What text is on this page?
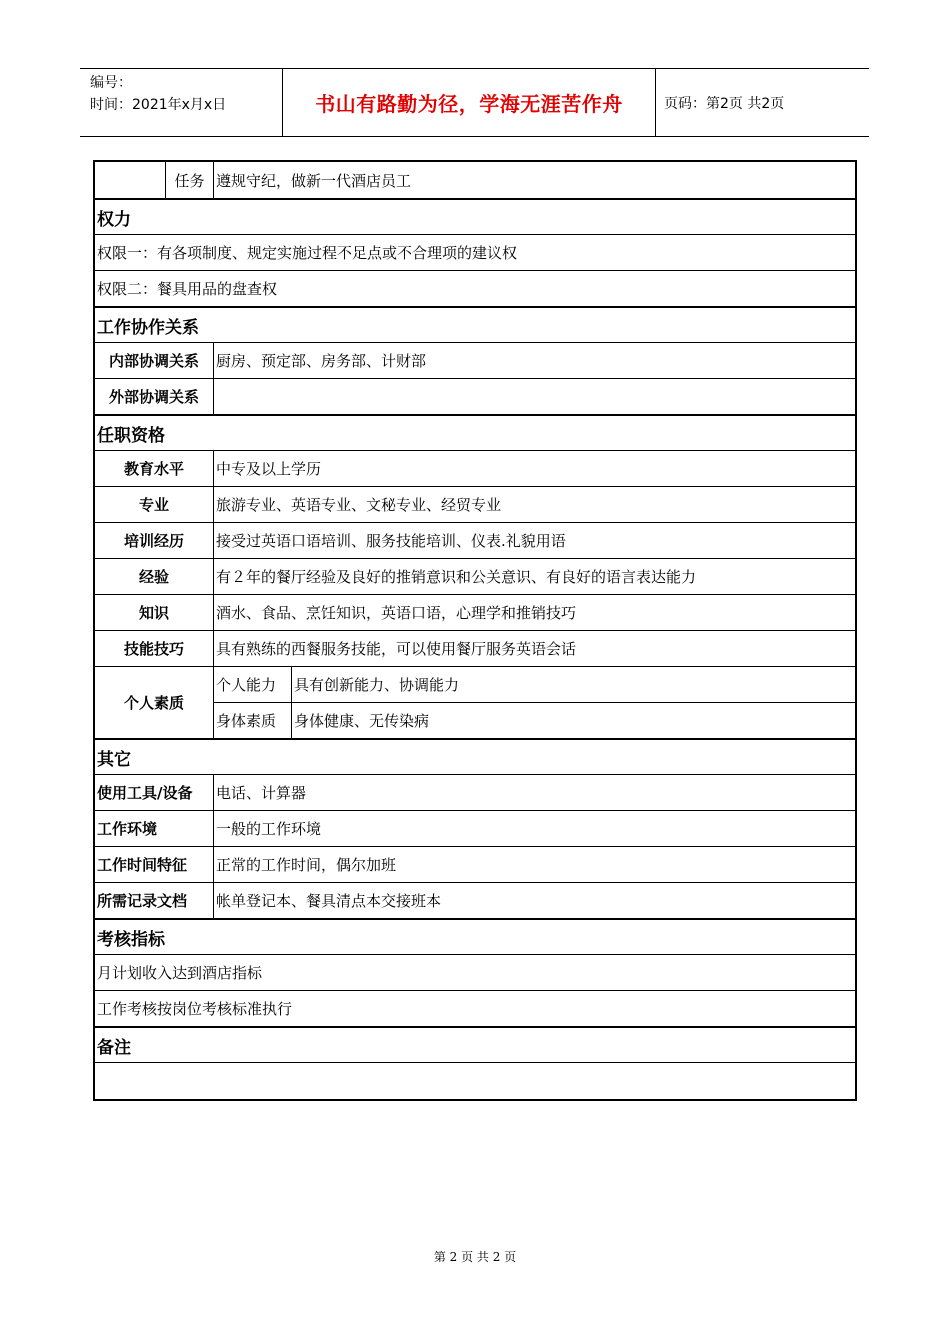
编号：
时间：2021年x月x日	书山有路勤为径，学海无涯苦作舟	页码：第2页 共2页
任务 遵规守纪，做新一代酒店员工
权力
权限一：有各项制度、规定实施过程不足点或不合理项的建议权
权限二：餐具用品的盘查权
工作协作关系
内部协调关系	厨房、预定部、房务部、计财部
外部协调关系
任职资格
教育水平	中专及以上学历
专业	旅游专业、英语专业、文秘专业、经贸专业
培训经历	接受过英语口语培训、服务技能培训、仪表.礼貌用语
经验	有２年的餐厅经验及良好的推销意识和公关意识、有良好的语言表达能力
知识	酒水、食品、烹饪知识，英语口语，心理学和推销技巧
技能技巧	具有熟练的西餐服务技能，可以使用餐厅服务英语会话
个人素质
个人能力	具有创新能力、协调能力
身体素质	身体健康、无传染病
其它
使用工具/设备	电话、计算器
工作环境	一般的工作环境
工作时间特征	正常的工作时间，偶尔加班
所需记录文档	帐单登记本、餐具清点本交接班本
考核指标
月计划收入达到酒店指标
工作考核按岗位考核标准执行
备注
第 2 页 共 2 页
